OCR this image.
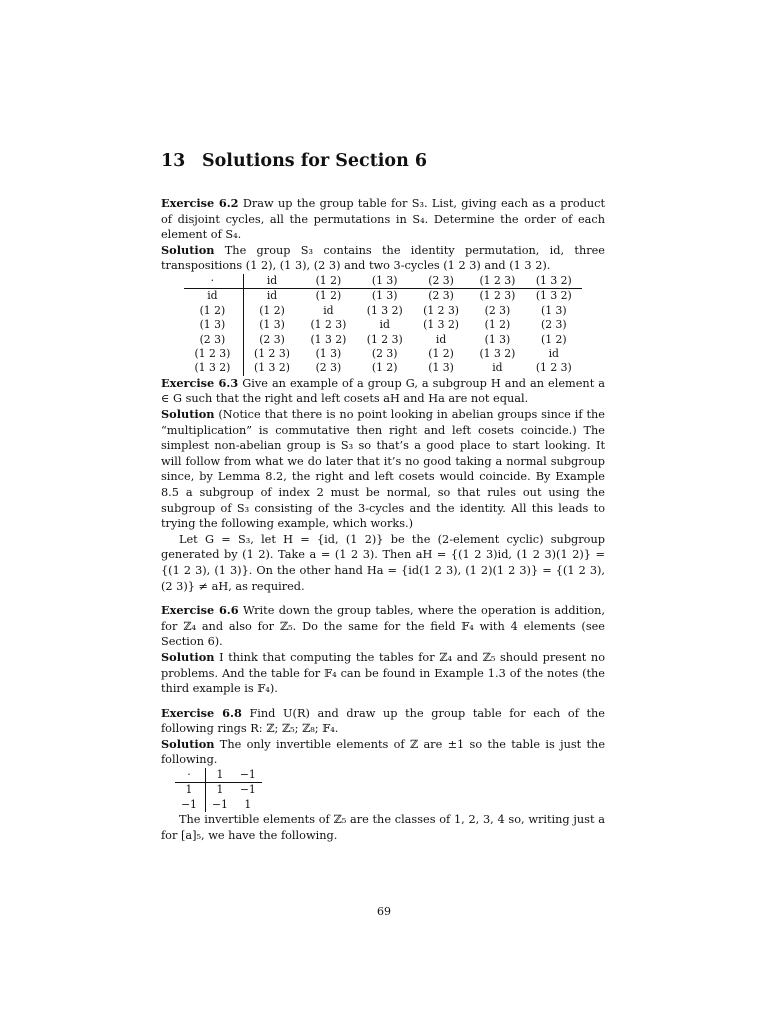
13 Solutions for Section 6

Exercise 6.2 Draw up the group table for S₃. List, giving each as a product of disjoint cycles, all the permutations in S₄. Determine the order of each element of S₄.

Solution The group S₃ contains the identity permutation, id, three transpositions (1 2), (1 3), (2 3) and two 3-cycles (1 2 3) and (1 3 2).

·	id	(1 2)	(1 3)	(2 3)	(1 2 3)	(1 3 2)
id	id	(1 2)	(1 3)	(2 3)	(1 2 3)	(1 3 2)
(1 2)	(1 2)	id	(1 3 2)	(1 2 3)	(2 3)	(1 3)
(1 3)	(1 3)	(1 2 3)	id	(1 3 2)	(1 2)	(2 3)
(2 3)	(2 3)	(1 3 2)	(1 2 3)	id	(1 3)	(1 2)
(1 2 3)	(1 2 3)	(1 3)	(2 3)	(1 2)	(1 3 2)	id
(1 3 2)	(1 3 2)	(2 3)	(1 2)	(1 3)	id	(1 2 3)

Exercise 6.3 Give an example of a group G, a subgroup H and an element a ∈ G such that the right and left cosets aH and Ha are not equal.

Solution (Notice that there is no point looking in abelian groups since if the “multiplication” is commutative then right and left cosets coincide.) The simplest non-abelian group is S₃ so that’s a good place to start looking. It will follow from what we do later that it’s no good taking a normal subgroup since, by Lemma 8.2, the right and left cosets would coincide. By Example 8.5 a subgroup of index 2 must be normal, so that rules out using the subgroup of S₃ consisting of the 3-cycles and the identity. All this leads to trying the following example, which works.)

Let G = S₃, let H = {id, (1 2)} be the (2-element cyclic) subgroup generated by (1 2). Take a = (1 2 3). Then aH = {(1 2 3)id, (1 2 3)(1 2)} = {(1 2 3), (1 3)}. On the other hand Ha = {id(1 2 3), (1 2)(1 2 3)} = {(1 2 3), (2 3)} ≠ aH, as required.

Exercise 6.6 Write down the group tables, where the operation is addition, for ℤ₄ and also for ℤ₅. Do the same for the field 𝔽₄ with 4 elements (see Section 6).

Solution I think that computing the tables for ℤ₄ and ℤ₅ should present no problems. And the table for 𝔽₄ can be found in Example 1.3 of the notes (the third example is 𝔽₄).

Exercise 6.8 Find U(R) and draw up the group table for each of the following rings R: ℤ; ℤ₅; ℤ₈; 𝔽₄.

Solution The only invertible elements of ℤ are ±1 so the table is just the following.

·	1	−1
1	1	−1
−1	−1	1

The invertible elements of ℤ₅ are the classes of 1, 2, 3, 4 so, writing just a for [a]₅, we have the following.

69
